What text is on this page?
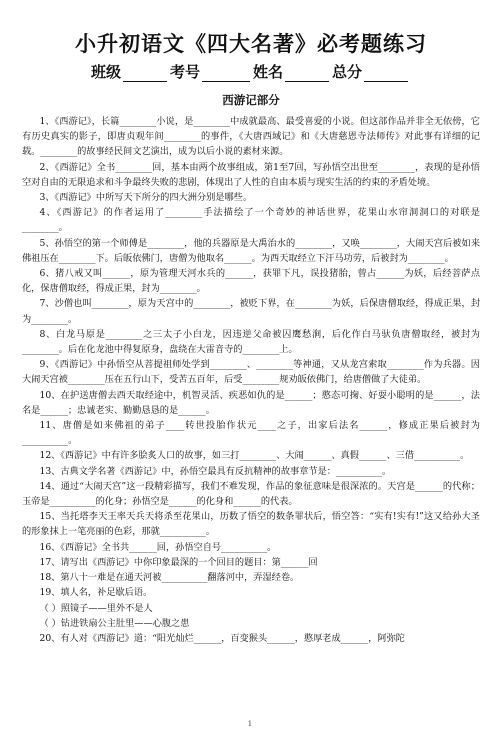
小升初语文《四大名著》必考题练习
班级	考号	姓名	总分
西游记部分

1、《西游记》，长篇________小说，是________中成就最高、最受喜爱的小说。但这部作品并非全无依傍，它有历史真实的影子，即唐贞观年间________的事件，《大唐西域记》和《大唐慈恩寺法师传》对此事有详细的记载。________的故事经民间文艺演出，成为以后小说的素材来源。

2、《西游记》全书________回，基本由两个故事组成，第1至7回，写孙悟空出世至________，表现的是孙悟空对自由的无限追求和斗争最终失败的悲剧，体现出了人性的自由本质与现实生活的约束的矛盾处境。

3、《西游记》中所写天下所分的四大洲分别是哪些。

4、《西游记》的作者运用了________手法描绘了一个奇妙的神话世界，花果山水帘洞洞口的对联是________。

5、孙悟空的第一个师傅是________，他的兵器原是大禹治水的________，又唤________，大闹天宫后被如来佛祖压在________下。后皈依佛门，唐僧为他取名______。为西天取经立下汗马功劳，后被封为________。

6、猪八戒又叫______，原为管理天河水兵的______，获罪下凡，误投猪胎，曾占______为妖，后经菩萨点化，保唐僧取经，得成正果，封为________。

7、沙僧也叫________，原为天宫中的________，被贬下界，在________为妖，后保唐僧取经，得成正果，封为________。

8、白龙马原是________之三太子小白龙，因违逆父命被囚鹰愁涧，后化作白马驮负唐僧取经，被封为________。后在化龙池中得复原身，盘绕在大雷音寺的________上。

9、《西游记》中孙悟空从菩提祖师处学到________、________等神通，又从龙宫索取________作为兵器。因大闹天宫被________压在五行山下，受苦五百年，后受________规劝皈依佛门，给唐僧做了大徒弟。

10、在护送唐僧去西天取经途中，机智灵活、疾恶如仇的是______；憨态可掬、好耍小聪明的是______，法名是______；忠诚老实、勤勤恳恳的是______。

11、唐僧是如来佛祖的弟子____转世投胎作状元____之子，出家后法名______，修成正果后被封为__________。

12、《西游记》中有许多脍炙人口的故事，如三打________、大闹______、真假______、三借__________。

13、古典文学名著《西游记》中，孙悟空最具有反抗精神的故事章节是：__________。

14、通过“大闹天宫”这一段精彩描写，我们不难发现，作品的象征意味是很深浓的。天宫是______的代称；玉帝是__________的化身；孙悟空是______的化身和______的代表。

15、当托塔李天王率天兵天将杀至花果山，历数了悟空的数条罪状后，悟空答：“实有!实有!”这又给孙大圣的形象抹上一笔亮丽的色彩，那就__________。

16、《西游记》全书共______回，孙悟空自号__________。

17、请写出《西游记》中你印象最深的一个回目的题目：第______回

18、第八十一难是在通天河被__________翻落河中，弄湿经卷。

19、填人名，补足歇后语。

（ ）照镜子——里外不是人

（ ）钻进铁扇公主肚里——心腹之患

20、有人对《西游记》道：“阳光灿烂______，百变猴头______，憨厚老成______，阿弥陀

1
